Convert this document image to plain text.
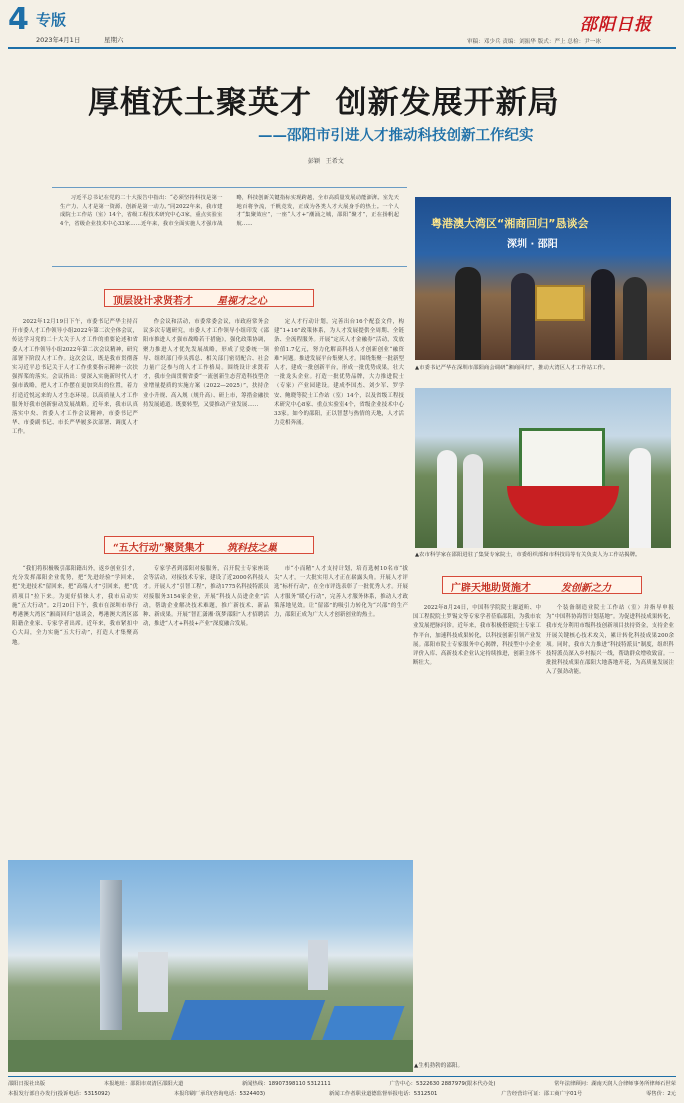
4 专版
2023年4月1日	星期六
邵阳日报
审稿：邓少兵 责编：刘振华 版式：严上 总检：尹一冰
厚植沃土聚英才  创新发展开新局
——邵阳市引进人才推动科技创新工作纪实
彭颖   王希文
习近平总书记在党的二十大报告中指出：“必须坚持科技是第一生产力、人才是第一资源、创新是第一动力。”同2022年来，我市建成院士工作站（室）14个，省级工程技术研究中心3家，重点实验室4个，省级企业技术中心33家……近年来，我市全面实施人才强市战略，科技创新关键指标实现跨越，全市高质量发展动能澎湃。室先天地百将争流，千帆竞发，正成为各类人才大展身手的热土。一个人才“集聚效应”，一座“人才+”潮涌之城，邵阳“聚才”，正在扬帆起航……	粤港澳大湾区“湘商回归”恳谈会
深圳 · 邵阳
▲市委书记严华在深圳市邵阳商会调研“湘商回归”，推动大湾区人才工作站工作。
▲农市科学家在邵阳进驻了集贤专家院士，市委组织部和市科技局等有关负责人为工作站揭牌。
顶层设计求贤若才 星视才之心

2022年12月19日下午，市委书记严华主持召开市委人才工作领导小组2022年第二次全体会议，传达学习党的二十大关于人才工作的重要论述和省委人才工作领导小组2022年第二次会议精神，研究部署下阶段人才工作。这次会议，既是我市贯彻落实习近平总书记关于人才工作重要指示精神一次扶强挥桨的落实。会议指出：要深入实施新时代人才强市战略，把人才工作摆在更加突出的位置，着力打造近悦远来的人才生态环境。以高质量人才工作服务好我市创新驱动发展战略。近年来，我市认真落实中央、省委人才工作会议精神，市委书记严华、市委副书记、市长严华履多次部署、调度人才工作。

作会议和活动，市委常委会议，市政府常务会议多次专题研究，市委人才工作领导小组印发《邵阳市推进人才强市战略若干措施》，强化政策协调，聚力推进人才优先发展战略，形成了党委统一领导、组织部门牵头抓总、相关部门密切配合、社会力量广泛参与的人才工作格局。围绕设计求贤若才，我市全面贯彻省委“一流创新生态营造科技型企业增量提质的实施方案（2022—2025）”，扶持企业小升规、高入规（规升高）、研上市，筹措金融扶持发展通道。既要转型，又要推动产业发展……

定人才行动计划，完善出台16个配套文件，构建“1+16”政策体系，为人才发展提供全周期、全链条、全流程服务。开展“定庆人才金融券”活动，发放价值1.7亿元，努力化解高科技人才创新创业“融资难”问题。推进发展平台集聚人才。围绕集聚一批新型人才，建成一批创新平台，形成一批优势成果，壮大一批龙头企业。打造一批优势品牌，大力推进院士（专家）产业园建设。建成李国杰、刘少军、罗学安、鲍晓等院士工作站（室）14个，以及省级工程技术研究中心8家、重点实验室4个，省级企业技术中心33家。如今的邵阳，正以智慧与热情的天地，人才活力竞相奔涌。

“五大行动”聚贤集才 筑科技之巢

“我们将积极吸引邵阳籍出外，返乡创业引才，充分发挥邵阳企业优势，把“先进经验”学回来，把“先进技术”留回来，把“高端人才”引回来，把“优质项目”拉下来。为更好招徕人才，我市启动实施“五大行动”。2月20日下午，我市在深圳市举行粤港澳大湾区“湘商回归”恳谈会，粤港澳大湾区邵阳籍企业家、专家学者出席。近年来，我市紧扣中心大局，全力实施“五大行动”，打造人才集聚高地。

专家学者到邵阳对接服务，召开院士专家座谈会等活动，对接技术专家，建设了近2000名科技人才。开展人才“引智工程”，推动1775名科技特派员对接服务3154家企业，开展“科技人员进企业”活动，帮助企业解决技术难题，推广新技术、新品种、新成果。开展“智汇潇湘·筑梦邵阳”人才招聘活动，推进“人才+科技+产业”深度融合发展。

市“小而精”人才支持计划，培育选树10名市“拔尖”人才，一大批实用人才正在崭露头角。开展人才评选“标杆行动”，在全市评选表彰了一批优秀人才。开展人才服务“暖心行动”，完善人才服务体系，推动人才政策落地见效。让“留邵”的吸引力转化为“兴邵”的生产力，邵阳正成为广大人才创新创业的热土。

广辟天地助贤施才	发创新之力

2022年8月24日，中国科学院院士谢道昕、中国工程院院士罗锡文等专家学者莅临邵阳，为我市农业发展把脉问诊。近年来，我市积极搭建院士专家工作平台，加速科技成果转化，以科技创新引领产业发展。邵阳市院士专家服务中心揭牌，科技型中小企业评价入库、高新技术企业认定持续推进，创新主体不断壮大。

个装备制造业院士工作站（室）并指导申报为“中国科协海智计划基地”。为促进科技成果转化，我市充分利用市级科技创新项目扶持资金，支持企业开展关键核心技术攻关，累计转化科技成果200余项。同时，我市大力推进“科技特派员”制度，组织科技特派员深入乡村振兴一线，帮助群众增收致富。一批批科技成果在邵阳大地落地开花，为高质量发展注入了强劲动能。

▲生机勃勃的邵阳。
邵阳日报社出版	本报地址：邵阳市双清区邵阳大道	新闻热线：18907398110 5312111	广告中心：5322630 2887979(限本代办处)	常年法律顾问：湖南天润人合律师事务所律师石世荣
本报发行部自办发行(投诉电话：5315092)	本报印刷厂承印(咨询电话：5324403)	新闻工作者职业道德监督举报电话：5312501	广告经营许可证：邵工商广字01号	零售价：2元
